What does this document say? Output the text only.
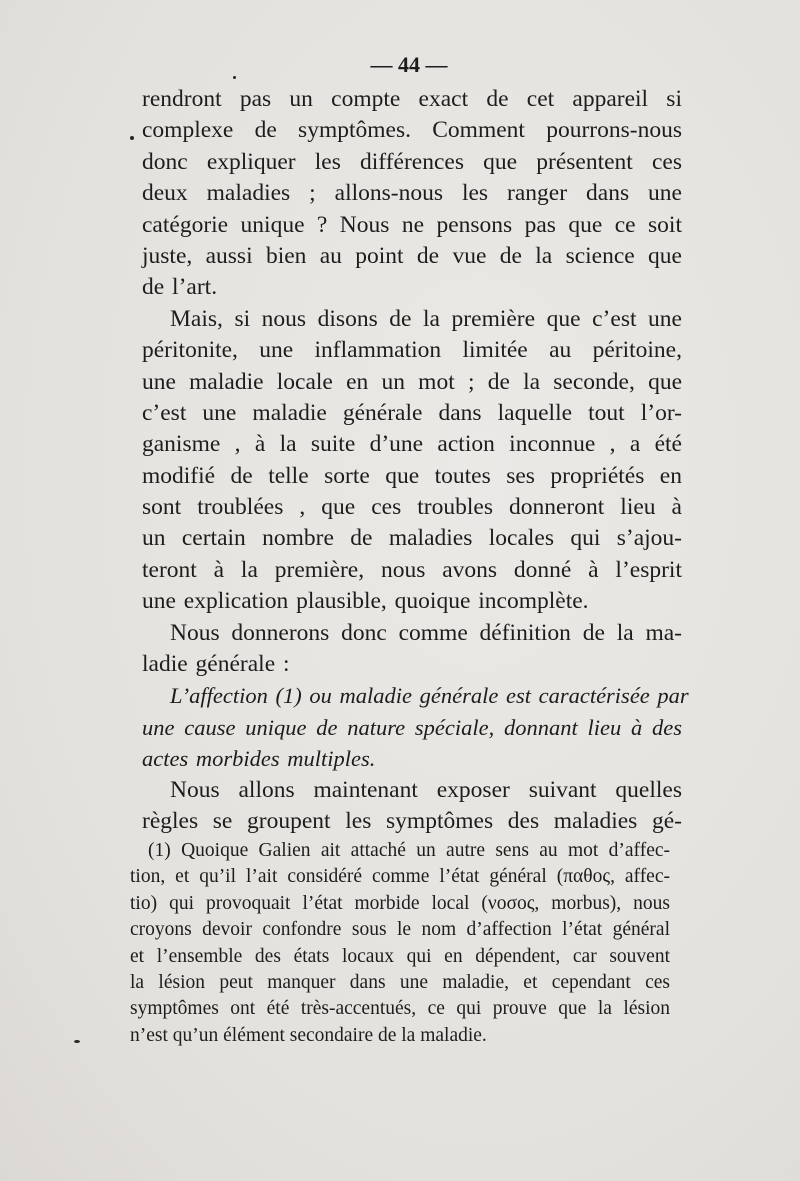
— 44 —
rendront pas un compte exact de cet appareil si
complexe de symptômes. Comment pourrons-nous
donc expliquer les différences que présentent ces
deux maladies ; allons-nous les ranger dans une
catégorie unique ? Nous ne pensons pas que ce soit
juste, aussi bien au point de vue de la science que
de l’art.
Mais, si nous disons de la première que c’est une
péritonite, une inflammation limitée au péritoine,
une maladie locale en un mot ; de la seconde, que
c’est une maladie générale dans laquelle tout l’or-
ganisme , à la suite d’une action inconnue , a été
modifié de telle sorte que toutes ses propriétés en
sont troublées , que ces troubles donneront lieu à
un certain nombre de maladies locales qui s’ajou-
teront à la première, nous avons donné à l’esprit
une explication plausible, quoique incomplète.
Nous donnerons donc comme définition de la ma-
ladie générale :
L’affection (1) ou maladie générale est caractérisée par
une cause unique de nature spéciale, donnant lieu à des
actes morbides multiples.
Nous allons maintenant exposer suivant quelles
règles se groupent les symptômes des maladies gé-
(1) Quoique Galien ait attaché un autre sens au mot d’affec-
tion, et qu’il l’ait considéré comme l’état général (παθος, affec-
tio) qui provoquait l’état morbide local (νοσος, morbus), nous
croyons devoir confondre sous le nom d’affection l’état général
et l’ensemble des états locaux qui en dépendent, car souvent
la lésion peut manquer dans une maladie, et cependant ces
symptômes ont été très-accentués, ce qui prouve que la lésion
n’est qu’un élément secondaire de la maladie.
